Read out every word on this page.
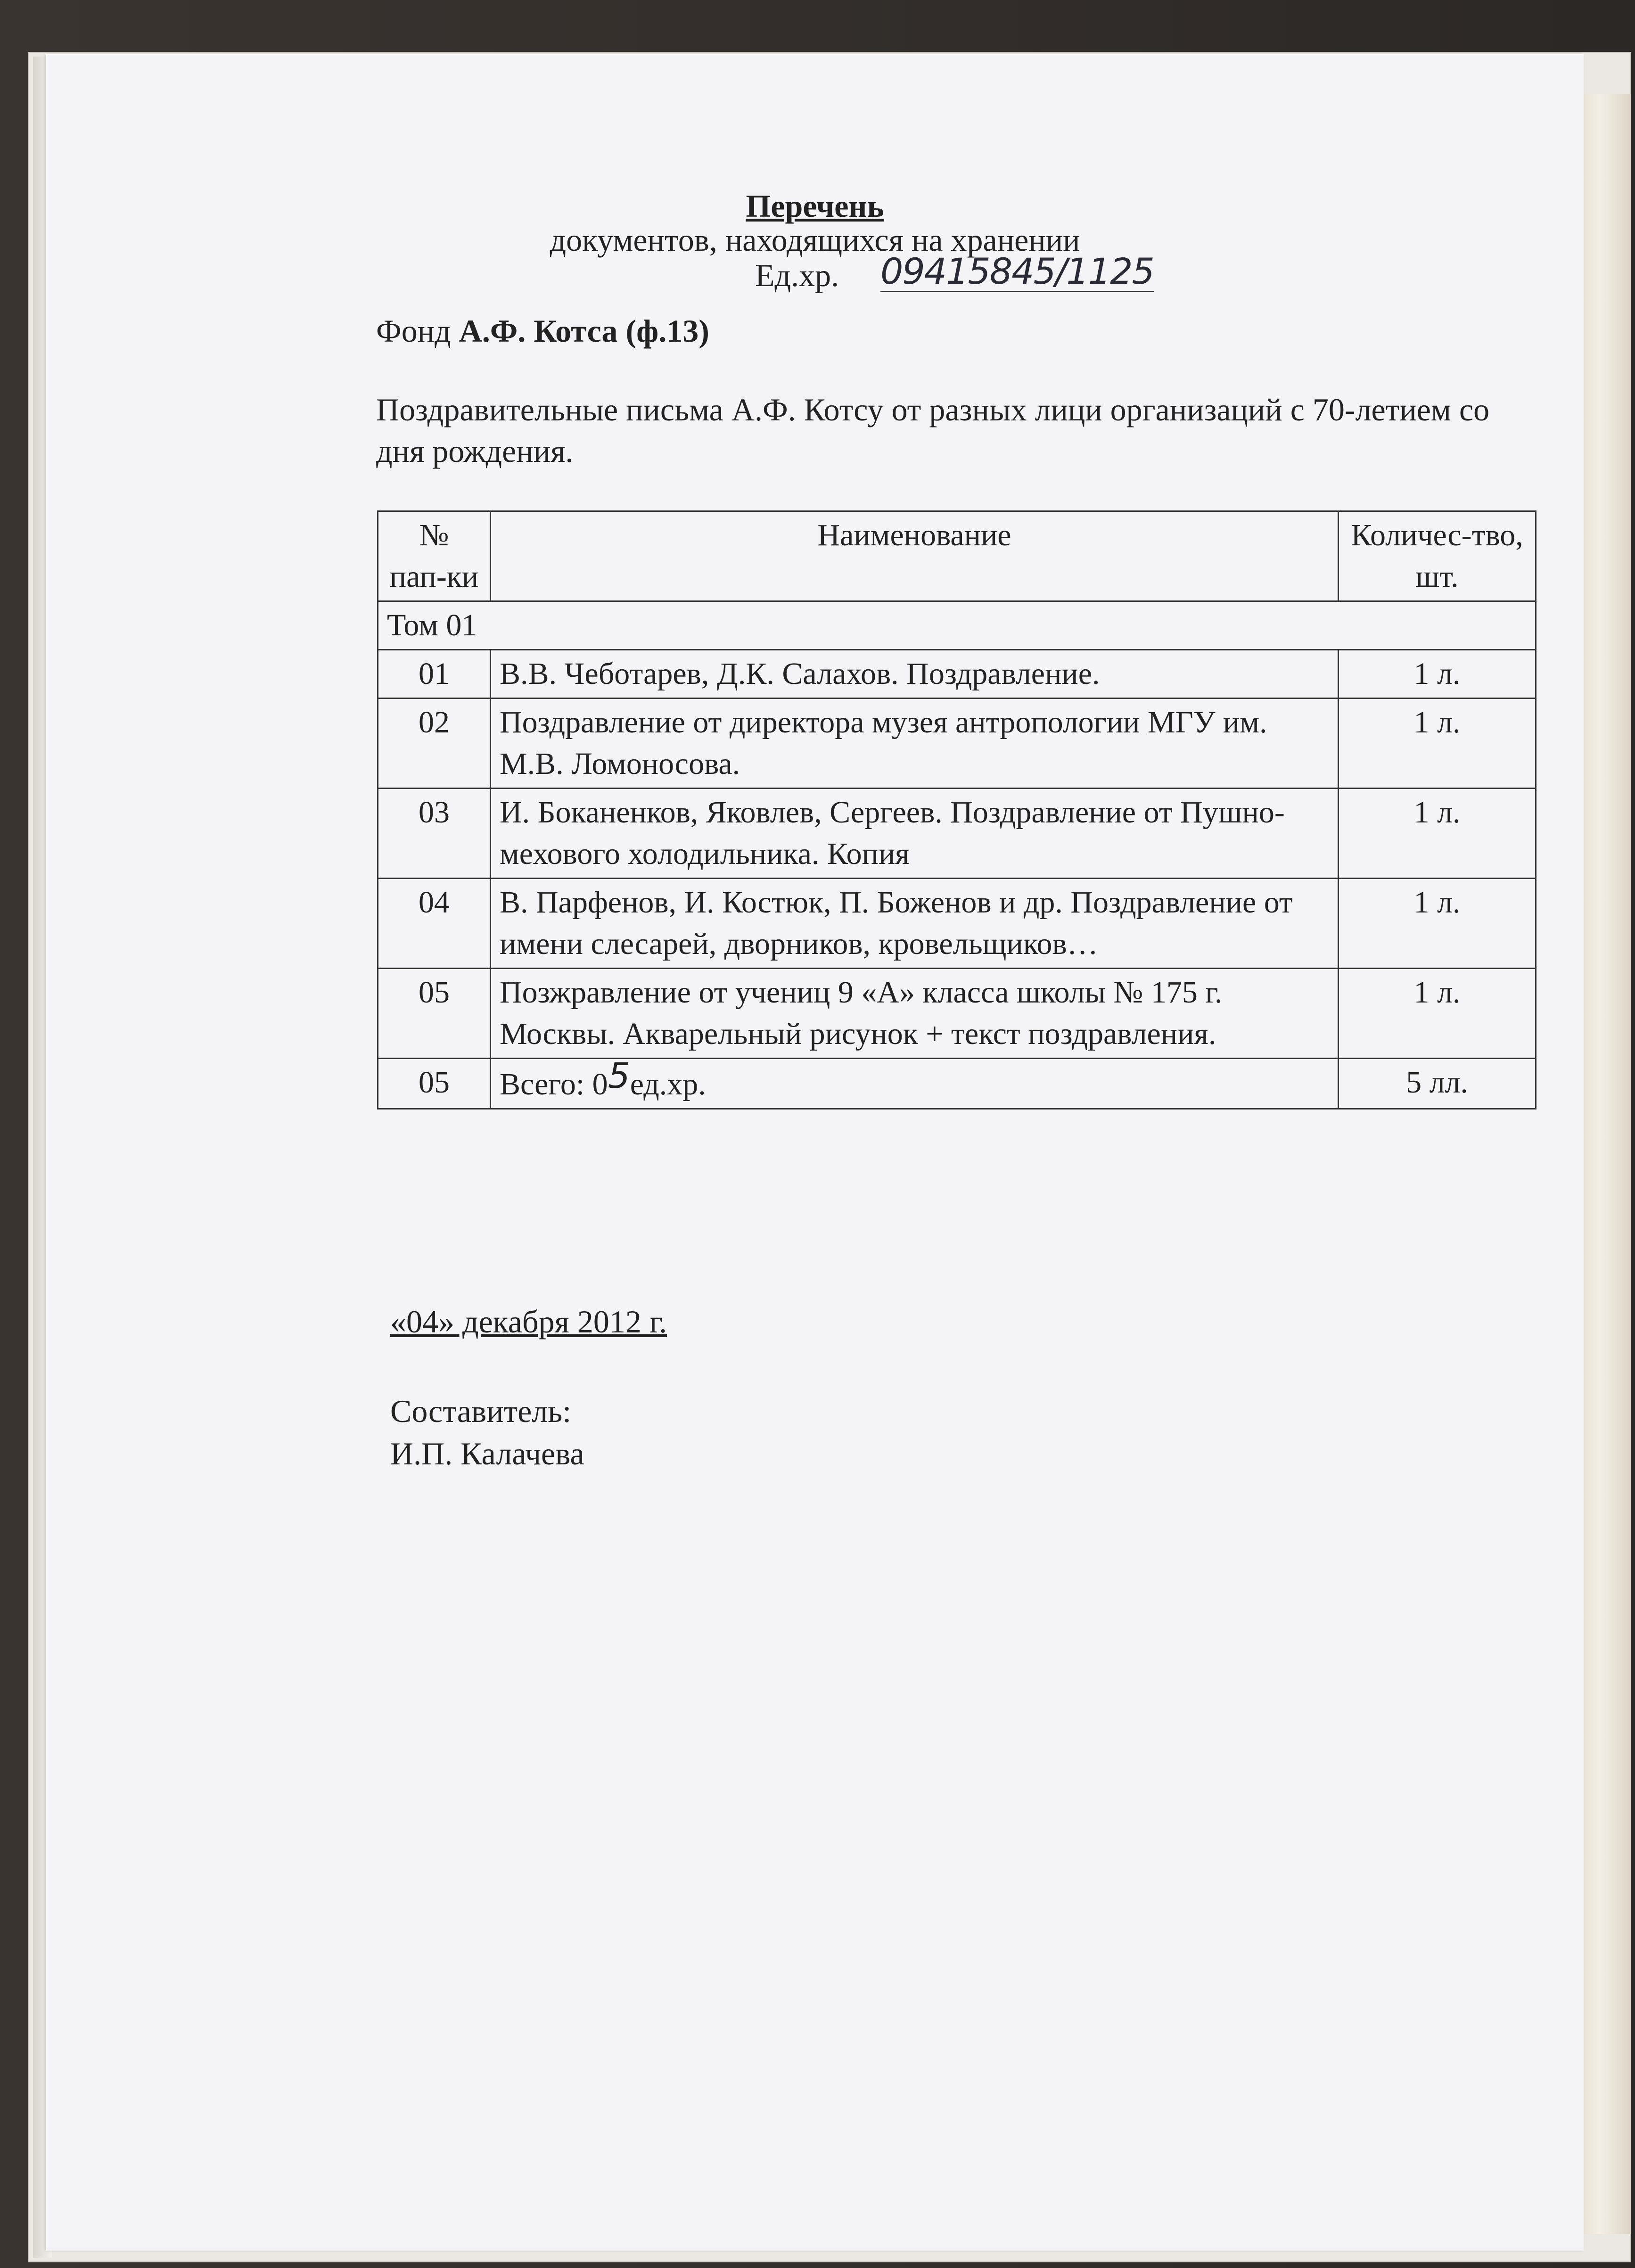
Перечень
документов, находящихся на хранении
Ед.хр. 09415845/1125
Фонд А.Ф. Котса (ф.13)
Поздравительные письма А.Ф. Котсу от разных лици организаций с 70-летием со дня рождения.
№ пап-ки	Наименование	Количес-тво, шт.
Том 01		
01	В.В. Чеботарев, Д.К. Салахов. Поздравление.	1 л.
02	Поздравление от директора музея антропологии МГУ им. М.В. Ломоносова.	1 л.
03	И. Боканенков, Яковлев, Сергеев. Поздравление от Пушно-мехового холодильника. Копия	1 л.
04	В. Парфенов, И. Костюк, П. Боженов и др. Поздравление от имени слесарей, дворников, кровельщиков…	1 л.
05	Позжравление от учениц 9 «А» класса школы № 175 г. Москвы. Акварельный рисунок + текст поздравления.	1 л.
05	Всего: 05ед.хр.	5 лл.
«04» декабря 2012 г.
Составитель:
И.П. Калачева
